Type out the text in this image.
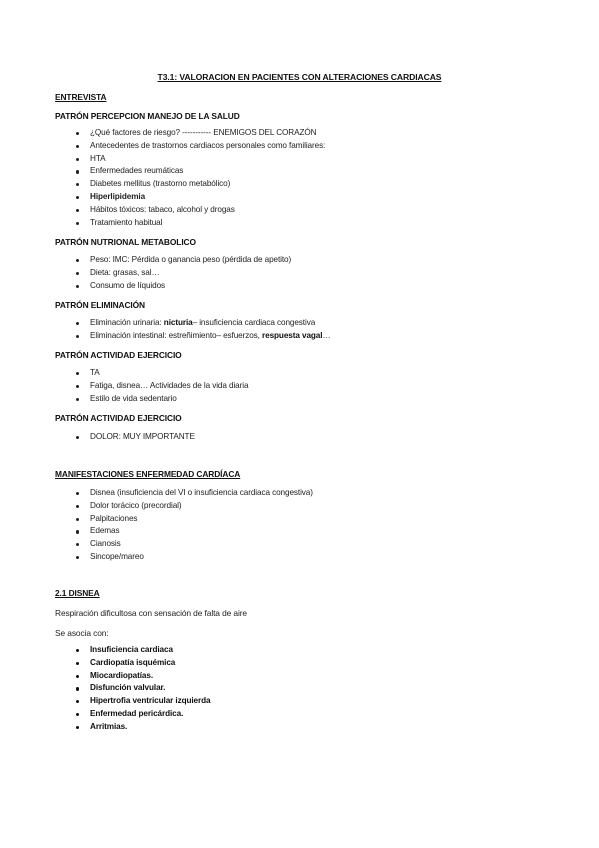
T3.1: VALORACION EN PACIENTES CON ALTERACIONES CARDIACAS
ENTREVISTA
PATRÓN PERCEPCION MANEJO DE LA SALUD
¿Qué factores de riesgo? ----------- ENEMIGOS DEL CORAZÓN
Antecedentes de trastornos cardiacos personales como familiares:
HTA
Enfermedades reumáticas
Diabetes mellitus (trastorno metabólico)
Hiperlipidemia
Hábitos tóxicos: tabaco, alcohol y drogas
Tratamiento habitual
PATRÓN NUTRIONAL METABOLICO
Peso: IMC: Pérdida o ganancia peso (pérdida de apetito)
Dieta: grasas, sal…
Consumo de líquidos
PATRÓN ELIMINACIÓN
Eliminación urinaria: nicturia– insuficiencia cardiaca congestiva
Eliminación intestinal: estreñimiento– esfuerzos, respuesta vagal…
PATRÓN ACTIVIDAD EJERCICIO
TA
Fatiga, disnea… Actividades de la vida diaria
Estilo de vida sedentario
PATRÓN ACTIVIDAD EJERCICIO
DOLOR: MUY IMPORTANTE
MANIFESTACIONES ENFERMEDAD CARDÍACA
Disnea (insuficiencia del VI o insuficiencia cardiaca congestiva)
Dolor torácico (precordial)
Palpitaciones
Edemas
Cianosis
Sincope/mareo
2.1 DISNEA
Respiración dificultosa con sensación de falta de aire
Se asocia con:
Insuficiencia cardiaca
Cardiopatía isquémica
Miocardiopatías.
Disfunción valvular.
Hipertrofia ventricular izquierda
Enfermedad pericárdica.
Arritmias.
